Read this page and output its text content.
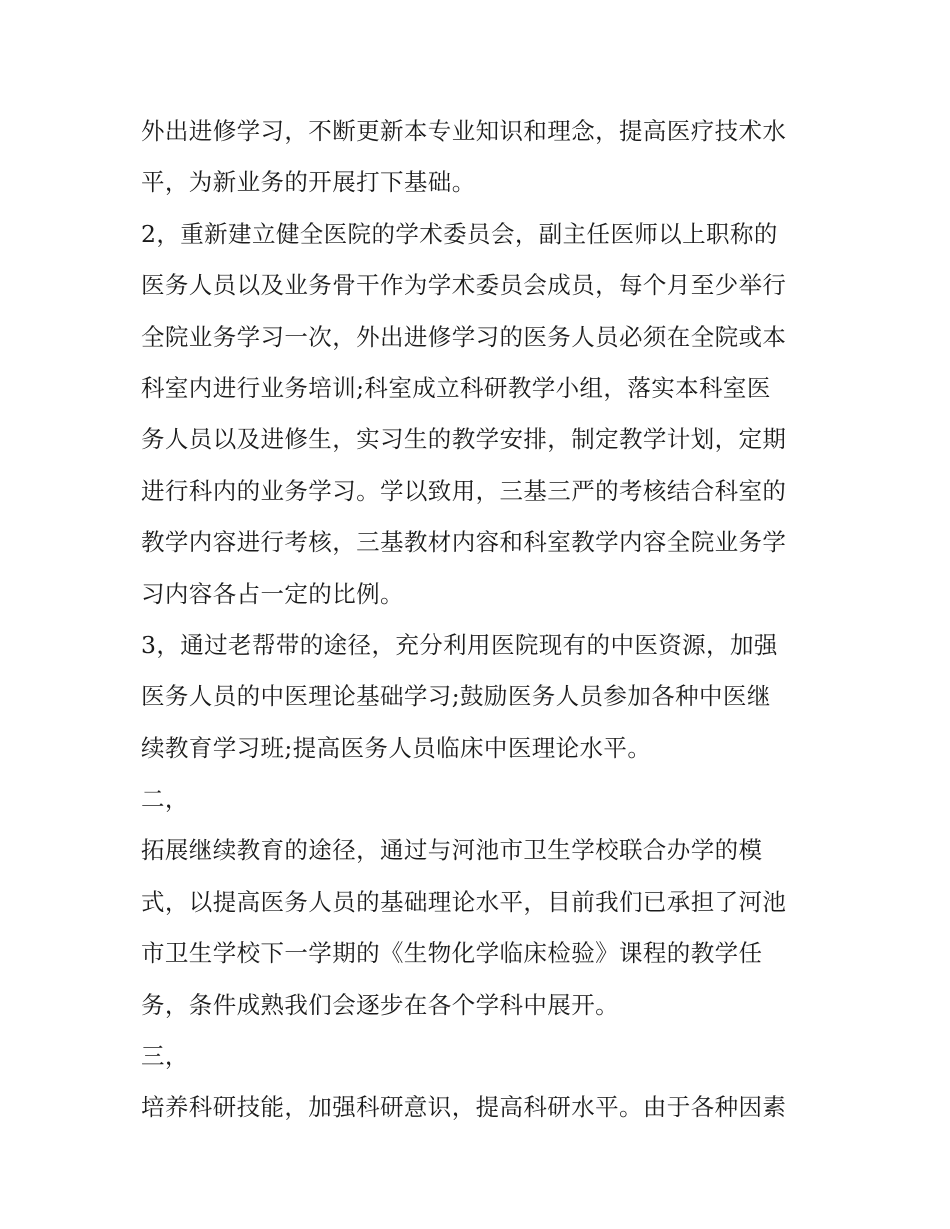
外出进修学习，不断更新本专业知识和理念，提高医疗技术水
平，为新业务的开展打下基础。
2，重新建立健全医院的学术委员会，副主任医师以上职称的
医务人员以及业务骨干作为学术委员会成员，每个月至少举行
全院业务学习一次，外出进修学习的医务人员必须在全院或本
科室内进行业务培训;科室成立科研教学小组，落实本科室医
务人员以及进修生，实习生的教学安排，制定教学计划，定期
进行科内的业务学习。学以致用，三基三严的考核结合科室的
教学内容进行考核，三基教材内容和科室教学内容全院业务学
习内容各占一定的比例。
3，通过老帮带的途径，充分利用医院现有的中医资源，加强
医务人员的中医理论基础学习;鼓励医务人员参加各种中医继
续教育学习班;提高医务人员临床中医理论水平。
二，
拓展继续教育的途径，通过与河池市卫生学校联合办学的模
式，以提高医务人员的基础理论水平，目前我们已承担了河池
市卫生学校下一学期的《生物化学临床检验》课程的教学任
务，条件成熟我们会逐步在各个学科中展开。
三，
培养科研技能，加强科研意识，提高科研水平。由于各种因素
